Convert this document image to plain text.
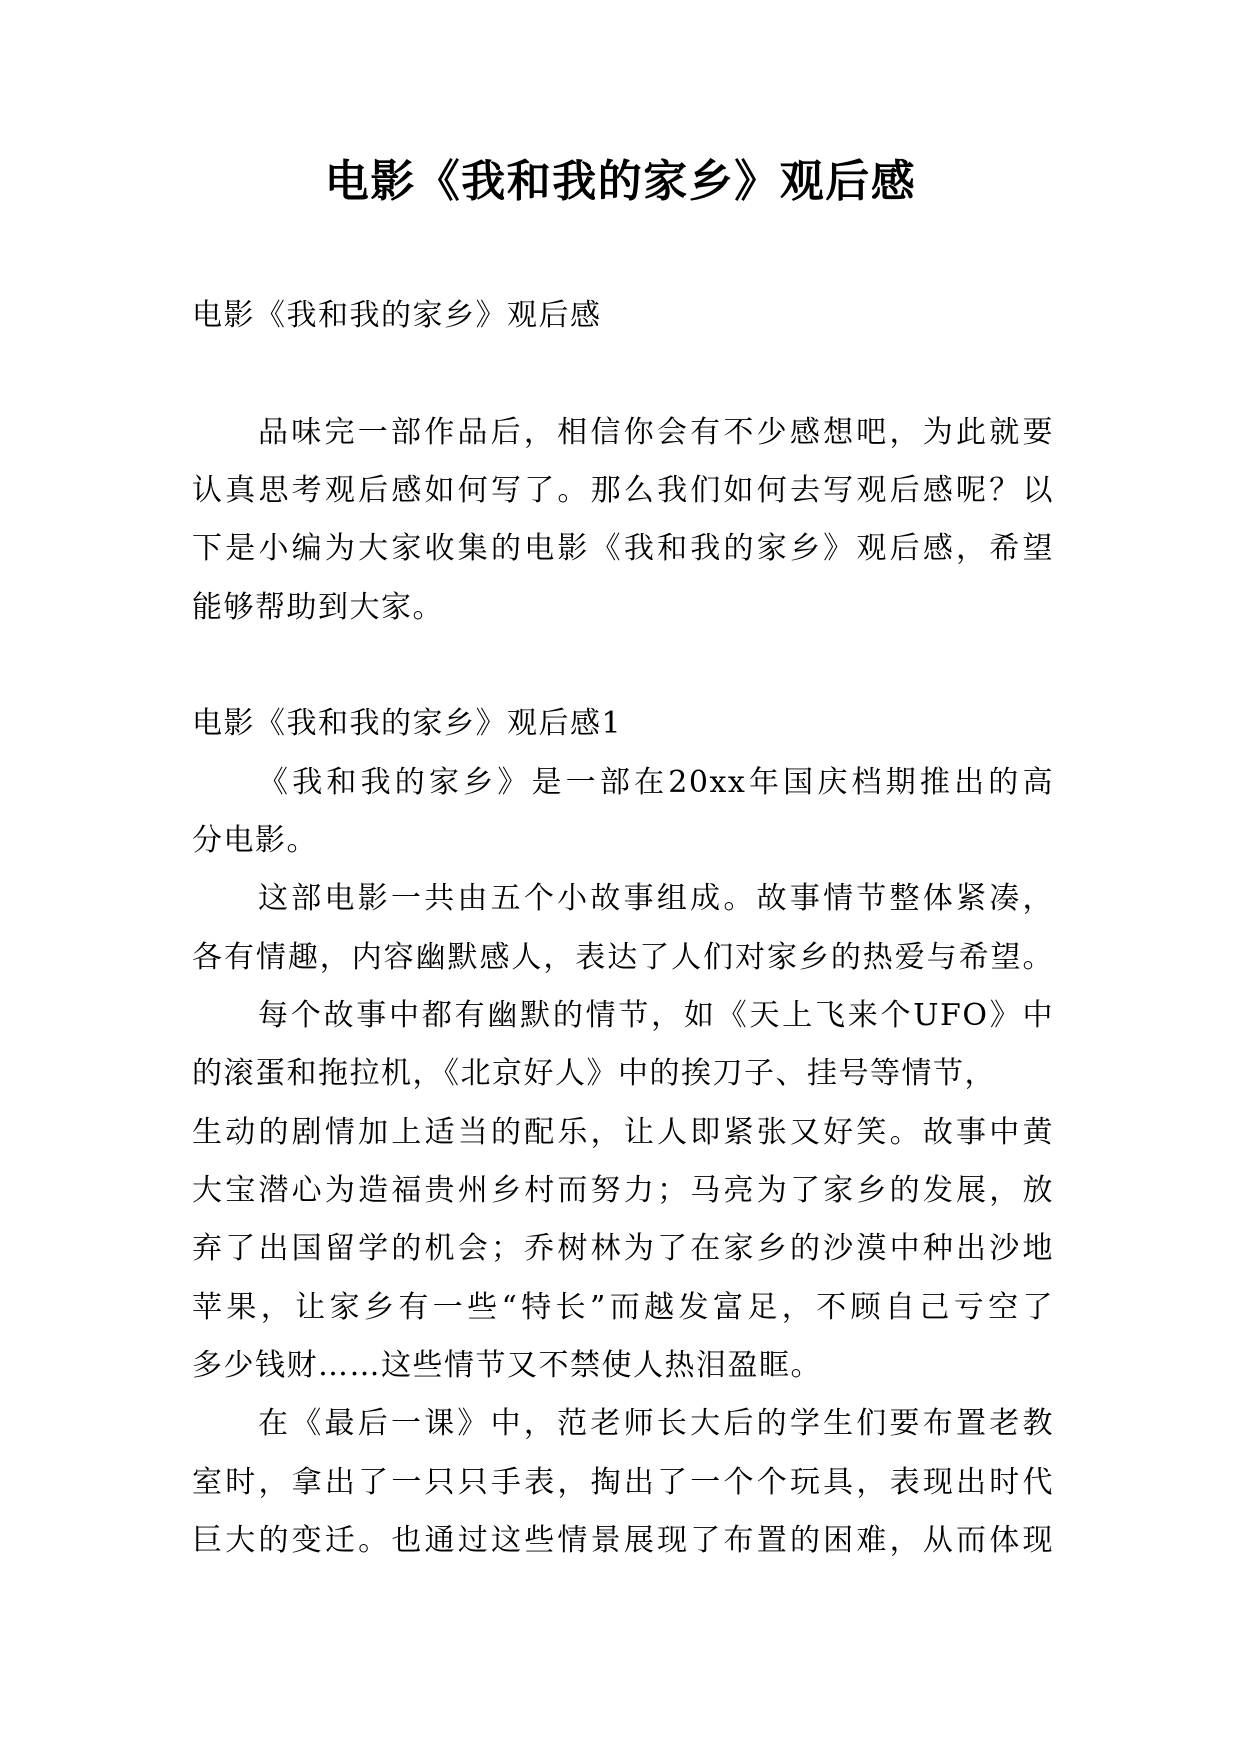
电影《我和我的家乡》观后感
电影《我和我的家乡》观后感
品味完一部作品后，相信你会有不少感想吧，为此就要
认真思考观后感如何写了。那么我们如何去写观后感呢？以
下是小编为大家收集的电影《我和我的家乡》观后感，希望
能够帮助到大家。
电影《我和我的家乡》观后感1
《我和我的家乡》是一部在20xx年国庆档期推出的高
分电影。
这部电影一共由五个小故事组成。故事情节整体紧凑，
各有情趣，内容幽默感人，表达了人们对家乡的热爱与希望。
每个故事中都有幽默的情节，如《天上飞来个UFO》中
的滚蛋和拖拉机，《北京好人》中的挨刀子、挂号等情节，
生动的剧情加上适当的配乐，让人即紧张又好笑。故事中黄
大宝潜心为造福贵州乡村而努力；马亮为了家乡的发展，放
弃了出国留学的机会；乔树林为了在家乡的沙漠中种出沙地
苹果，让家乡有一些“特长”而越发富足，不顾自己亏空了
多少钱财……这些情节又不禁使人热泪盈眶。
在《最后一课》中，范老师长大后的学生们要布置老教
室时，拿出了一只只手表，掏出了一个个玩具，表现出时代
巨大的变迁。也通过这些情景展现了布置的困难，从而体现
